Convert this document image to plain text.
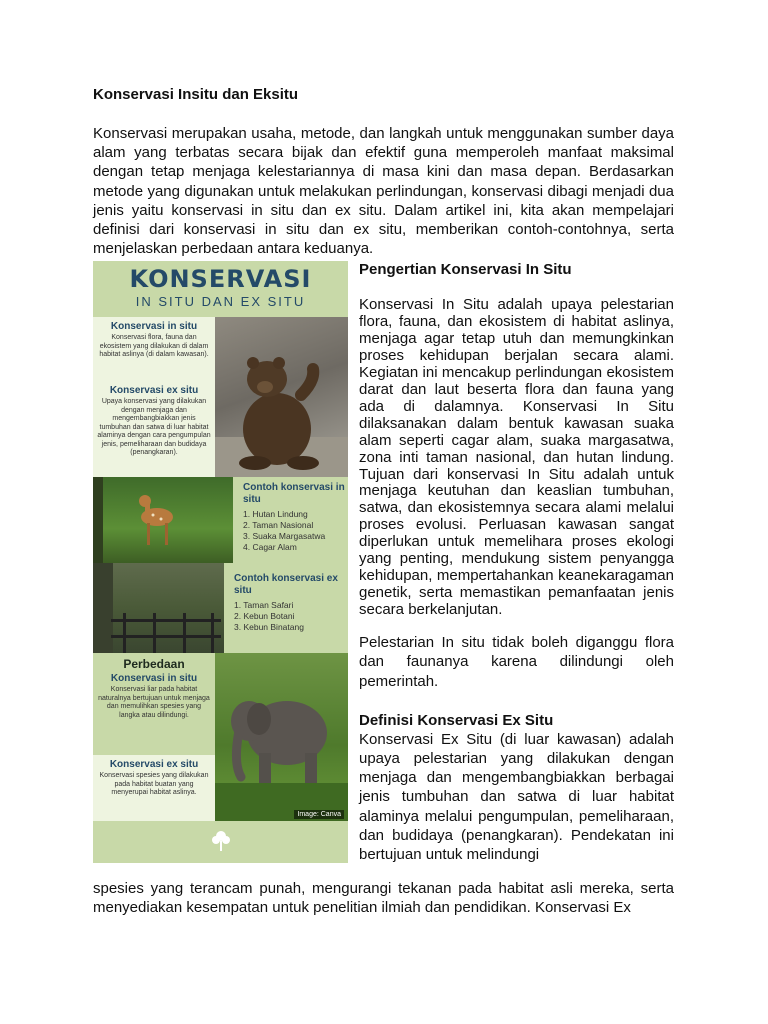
Konservasi Insitu dan Eksitu

Konservasi merupakan usaha, metode, dan langkah untuk menggunakan sumber daya alam yang terbatas secara bijak dan efektif guna memperoleh manfaat maksimal dengan tetap menjaga kelestariannya di masa kini dan masa depan. Berdasarkan metode yang digunakan untuk melakukan perlindungan, konservasi dibagi menjadi dua jenis yaitu konservasi in situ dan ex situ. Dalam artikel ini, kita akan mempelajari definisi dari konservasi in situ dan ex situ, memberikan contoh-contohnya, serta menjelaskan perbedaan antara keduanya.

KONSERVASI
IN SITU DAN EX SITU
Konservasi in situ
Konservasi flora, fauna dan ekosistem yang dilakukan di dalam habitat aslinya (di dalam kawasan).
Konservasi ex situ
Upaya konservasi yang dilakukan dengan menjaga dan mengembangbiakkan jenis tumbuhan dan satwa di luar habitat alaminya dengan cara pengumpulan jenis, pemeliharaan dan budidaya (penangkaran).
Contoh konservasi in situ
1. Hutan Lindung
2. Taman Nasional
3. Suaka Margasatwa
4. Cagar Alam
Contoh konservasi ex situ
1. Taman Safari
2. Kebun Botani
3. Kebun Binatang
Perbedaan
Konservasi in situ
Konservasi liar pada habitat naturalnya bertujuan untuk menjaga dan memulihkan spesies yang langka atau dilindungi.
Konservasi ex situ
Konservasi spesies yang dilakukan pada habitat buatan yang menyerupai habitat aslinya.
Image: Canva
Pengertian Konservasi In Situ

Konservasi In Situ adalah upaya pelestarian flora, fauna, dan ekosistem di habitat aslinya, menjaga agar tetap utuh dan memungkinkan proses kehidupan berjalan secara alami. Kegiatan ini mencakup perlindungan ekosistem darat dan laut beserta flora dan fauna yang ada di dalamnya. Konservasi In Situ dilaksanakan dalam bentuk kawasan suaka alam seperti cagar alam, suaka margasatwa, zona inti taman nasional, dan hutan lindung. Tujuan dari konservasi In Situ adalah untuk menjaga keutuhan dan keaslian tumbuhan, satwa, dan ekosistemnya secara alami melalui proses evolusi. Perluasan kawasan sangat diperlukan untuk memelihara proses ekologi yang penting, mendukung sistem penyangga kehidupan, mempertahankan keanekaragaman genetik, serta memastikan pemanfaatan jenis secara berkelanjutan.

Pelestarian In situ tidak boleh diganggu flora dan faunanya karena dilindungi oleh pemerintah.

Definisi Konservasi Ex Situ

Konservasi Ex Situ (di luar kawasan) adalah upaya pelestarian yang dilakukan dengan menjaga dan mengembangbiakkan berbagai jenis tumbuhan dan satwa di luar habitat alaminya melalui pengumpulan, pemeliharaan, dan budidaya (penangkaran). Pendekatan ini bertujuan untuk melindungi

spesies yang terancam punah, mengurangi tekanan pada habitat asli mereka, serta menyediakan kesempatan untuk penelitian ilmiah dan pendidikan. Konservasi Ex
